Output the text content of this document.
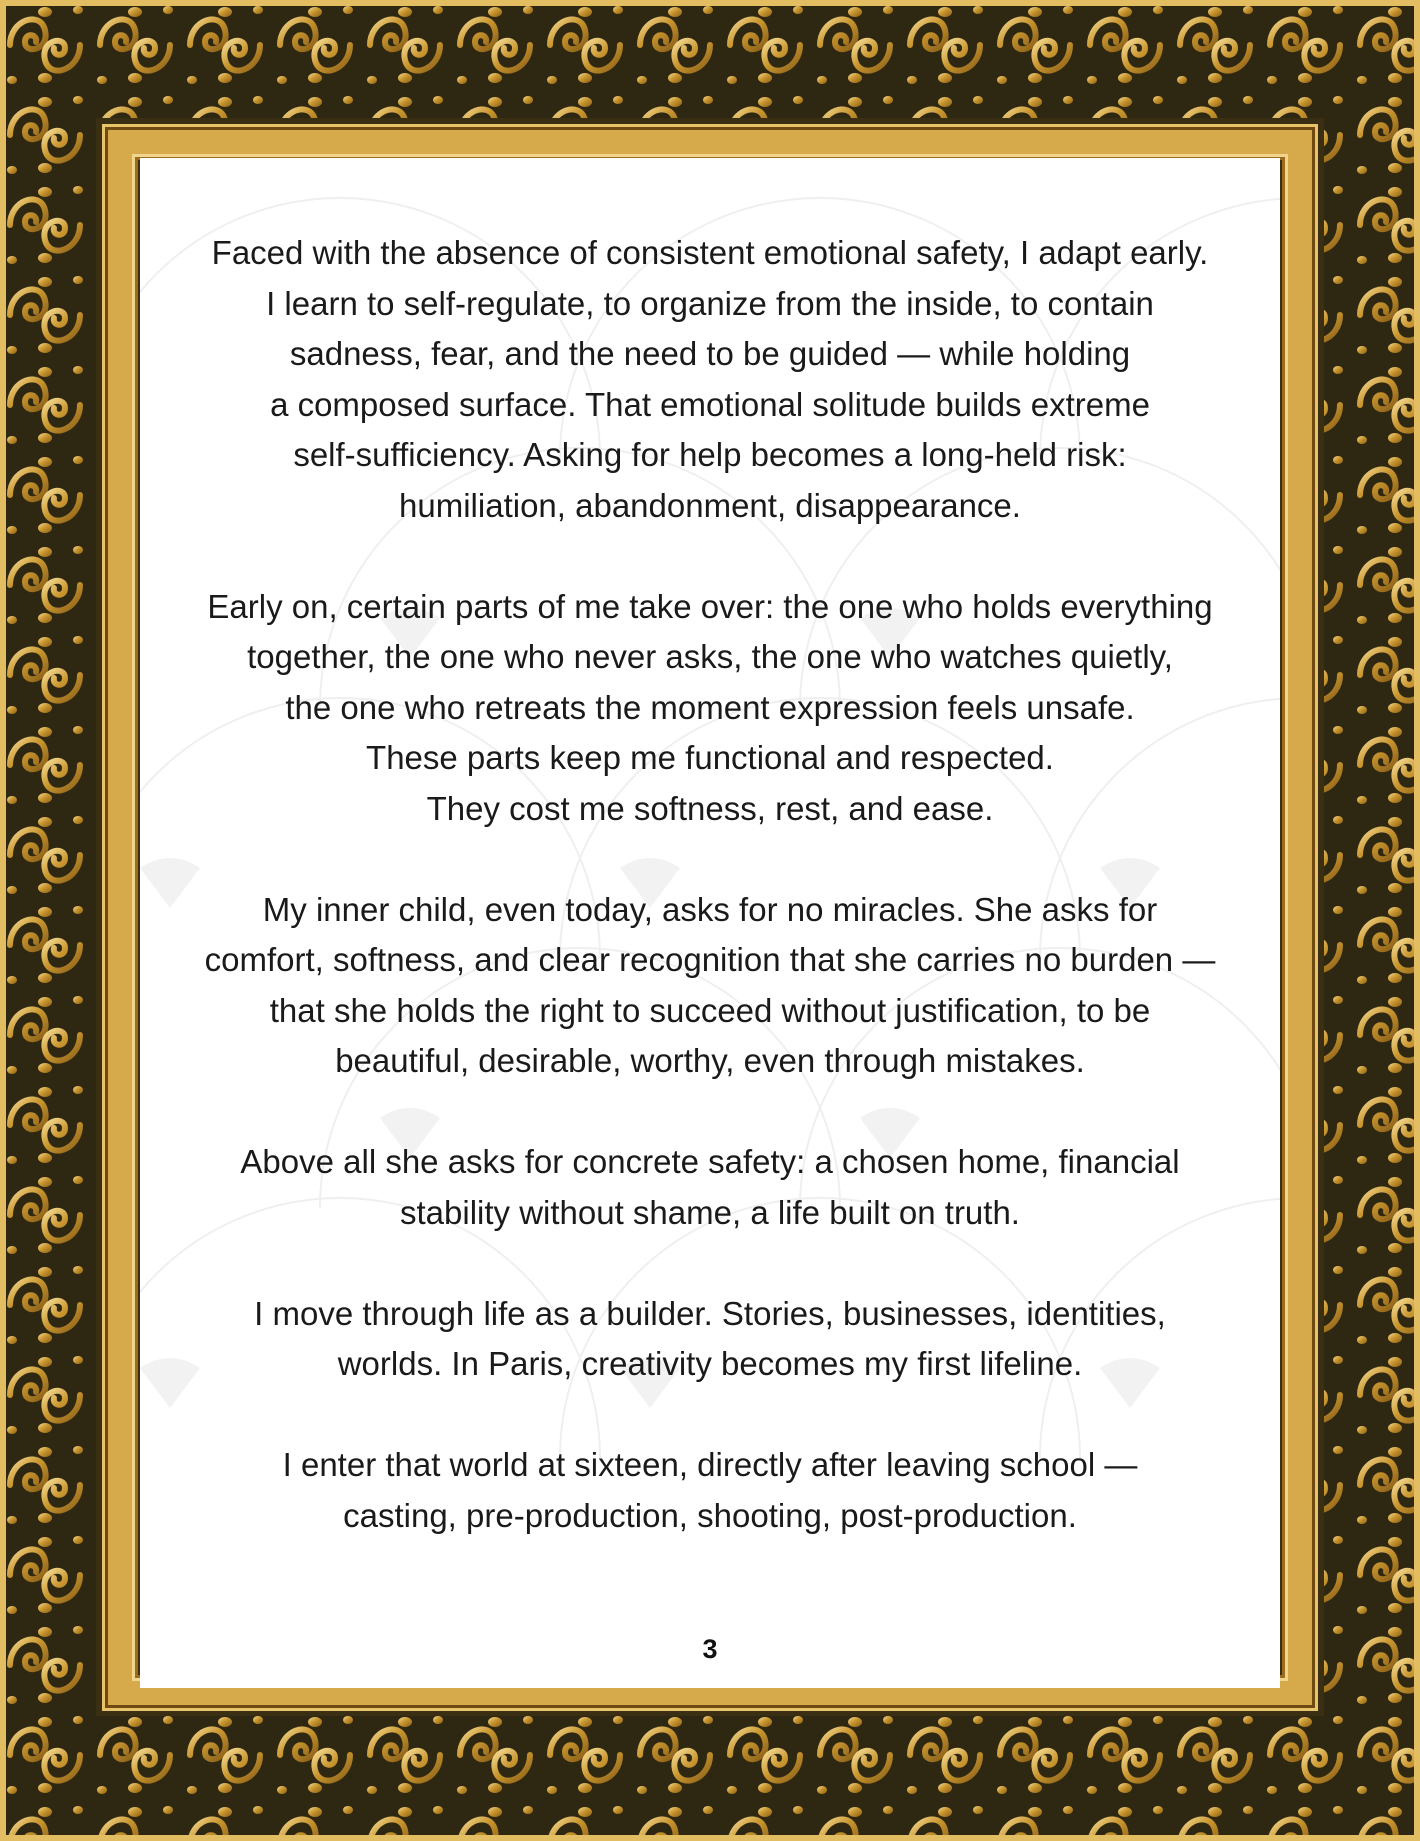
Faced with the absence of consistent emotional safety, I adapt early.
I learn to self-regulate, to organize from the inside, to contain
sadness, fear, and the need to be guided — while holding
a composed surface. That emotional solitude builds extreme
self-sufficiency. Asking for help becomes a long-held risk:
humiliation, abandonment, disappearance.

Early on, certain parts of me take over: the one who holds everything
together, the one who never asks, the one who watches quietly,
the one who retreats the moment expression feels unsafe.
These parts keep me functional and respected.
They cost me softness, rest, and ease.

My inner child, even today, asks for no miracles. She asks for
comfort, softness, and clear recognition that she carries no burden —
that she holds the right to succeed without justification, to be
beautiful, desirable, worthy, even through mistakes.

Above all she asks for concrete safety: a chosen home, financial
stability without shame, a life built on truth.

I move through life as a builder. Stories, businesses, identities,
worlds. In Paris, creativity becomes my first lifeline.

I enter that world at sixteen, directly after leaving school —
casting, pre-production, shooting, post-production.

3
